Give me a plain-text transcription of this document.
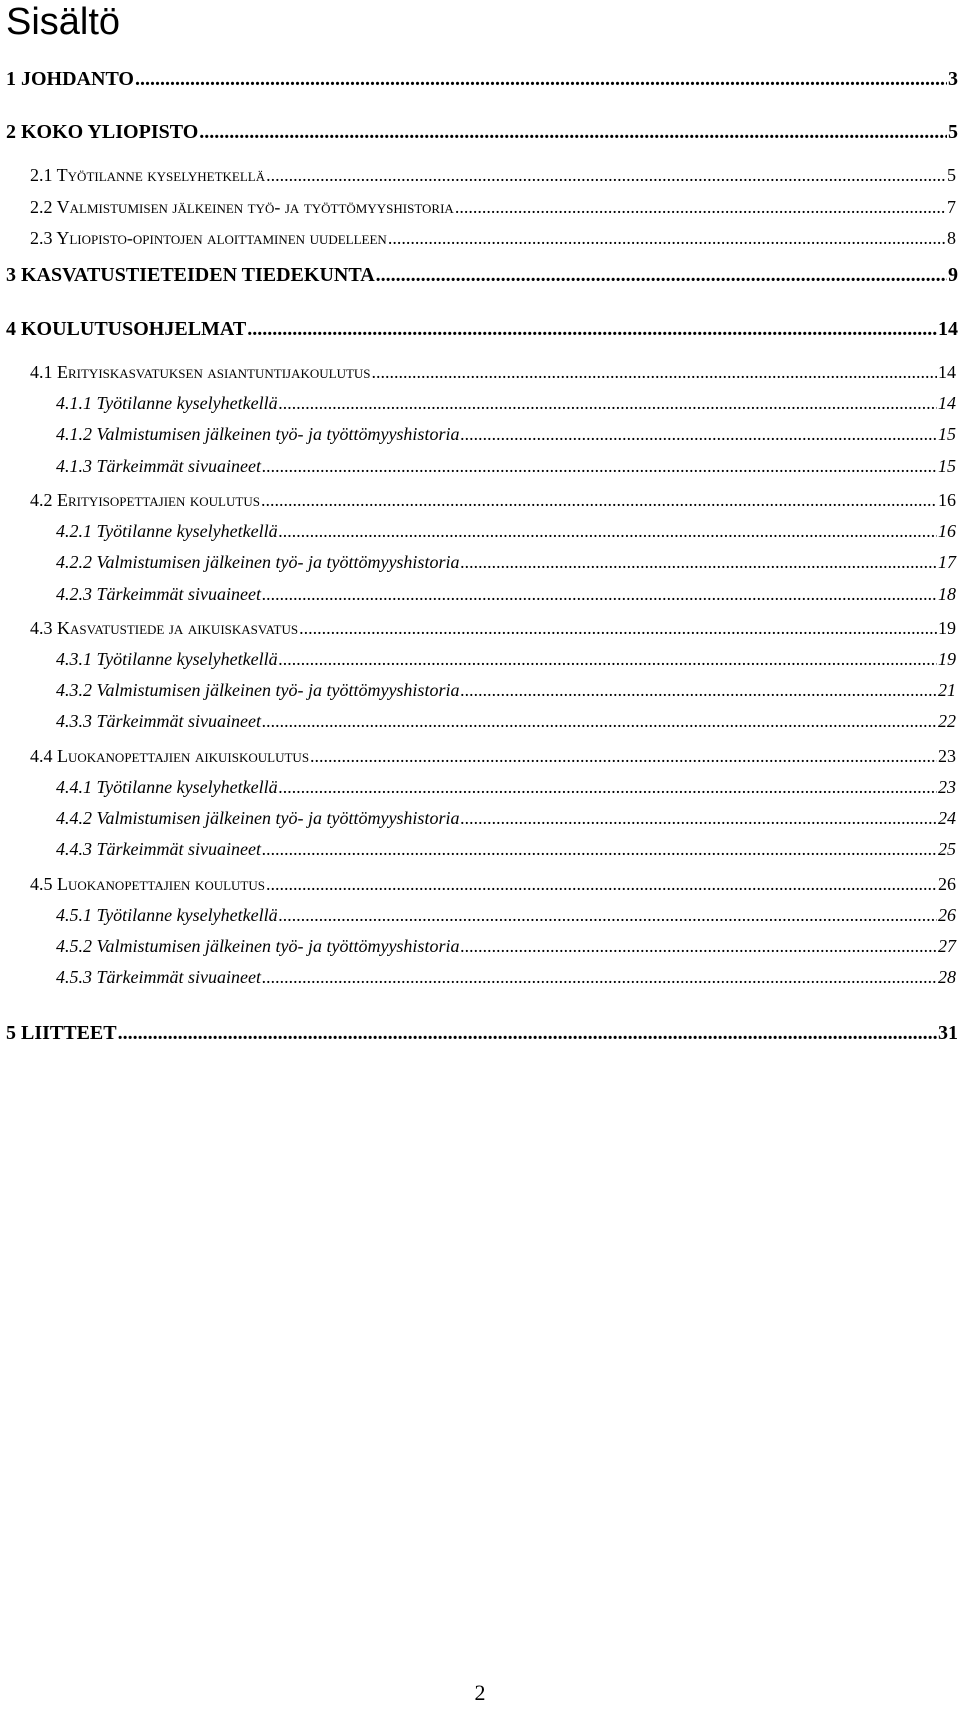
Sisältö
1 JOHDANTO .....	3
2 KOKO YLIOPISTO .....	5
2.1 Työtilanne kyselyhetkellä .....	5
2.2 Valmistumisen jälkeinen työ- ja työttömyyshistoria .....	7
2.3 Yliopisto-opintojen aloittaminen uudelleen .....	8
3 KASVATUSTIETEIDEN TIEDEKUNTA .....	9
4 KOULUTUSOHJELMAT .....	14
4.1 Erityiskasvatuksen asiantuntijakoulutus .....	14
4.1.1 Työtilanne kyselyhetkellä .....	14
4.1.2 Valmistumisen jälkeinen työ- ja työttömyyshistoria .....	15
4.1.3 Tärkeimmät sivuaineet .....	15
4.2 Erityisopettajien koulutus .....	16
4.2.1 Työtilanne kyselyhetkellä .....	16
4.2.2 Valmistumisen jälkeinen työ- ja työttömyyshistoria .....	17
4.2.3 Tärkeimmät sivuaineet .....	18
4.3 Kasvatustiede ja aikuiskasvatus .....	19
4.3.1 Työtilanne kyselyhetkellä .....	19
4.3.2 Valmistumisen jälkeinen työ- ja työttömyyshistoria .....	21
4.3.3 Tärkeimmät sivuaineet .....	22
4.4 Luokanopettajien aikuiskoulutus .....	23
4.4.1 Työtilanne kyselyhetkellä .....	23
4.4.2 Valmistumisen jälkeinen työ- ja työttömyyshistoria .....	24
4.4.3 Tärkeimmät sivuaineet .....	25
4.5 Luokanopettajien koulutus .....	26
4.5.1 Työtilanne kyselyhetkellä .....	26
4.5.2 Valmistumisen jälkeinen työ- ja työttömyyshistoria .....	27
4.5.3 Tärkeimmät sivuaineet .....	28
5 LIITTEET .....	31
2
